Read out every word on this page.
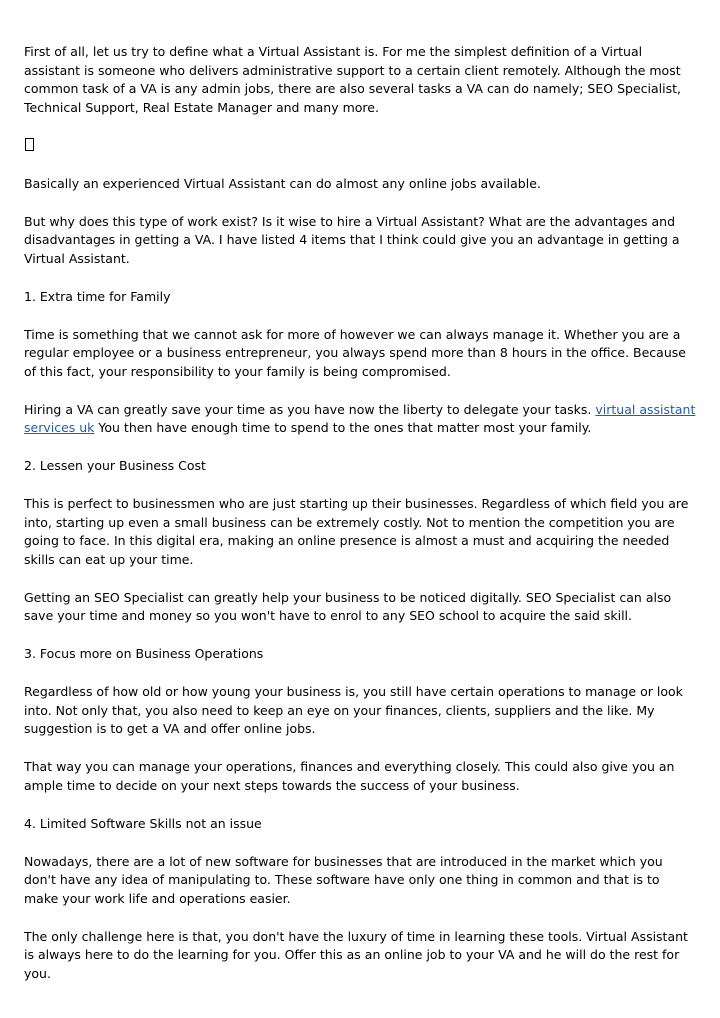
First of all, let us try to define what a Virtual Assistant is. For me the simplest definition of a Virtual assistant is someone who delivers administrative support to a certain client remotely. Although the most common task of a VA is any admin jobs, there are also several tasks a VA can do namely; SEO Specialist, Technical Support, Real Estate Manager and many more.

Basically an experienced Virtual Assistant can do almost any online jobs available.

But why does this type of work exist? Is it wise to hire a Virtual Assistant? What are the advantages and disadvantages in getting a VA. I have listed 4 items that I think could give you an advantage in getting a Virtual Assistant.

1. Extra time for Family

Time is something that we cannot ask for more of however we can always manage it. Whether you are a regular employee or a business entrepreneur, you always spend more than 8 hours in the office. Because of this fact, your responsibility to your family is being compromised.

Hiring a VA can greatly save your time as you have now the liberty to delegate your tasks. virtual assistant services uk You then have enough time to spend to the ones that matter most your family.

2. Lessen your Business Cost

This is perfect to businessmen who are just starting up their businesses. Regardless of which field you are into, starting up even a small business can be extremely costly. Not to mention the competition you are going to face. In this digital era, making an online presence is almost a must and acquiring the needed skills can eat up your time.

Getting an SEO Specialist can greatly help your business to be noticed digitally. SEO Specialist can also save your time and money so you won't have to enrol to any SEO school to acquire the said skill.

3. Focus more on Business Operations

Regardless of how old or how young your business is, you still have certain operations to manage or look into. Not only that, you also need to keep an eye on your finances, clients, suppliers and the like. My suggestion is to get a VA and offer online jobs.

That way you can manage your operations, finances and everything closely. This could also give you an ample time to decide on your next steps towards the success of your business.

4. Limited Software Skills not an issue

Nowadays, there are a lot of new software for businesses that are introduced in the market which you don't have any idea of manipulating to. These software have only one thing in common and that is to make your work life and operations easier.

The only challenge here is that, you don't have the luxury of time in learning these tools. Virtual Assistant is always here to do the learning for you. Offer this as an online job to your VA and he will do the rest for you.
